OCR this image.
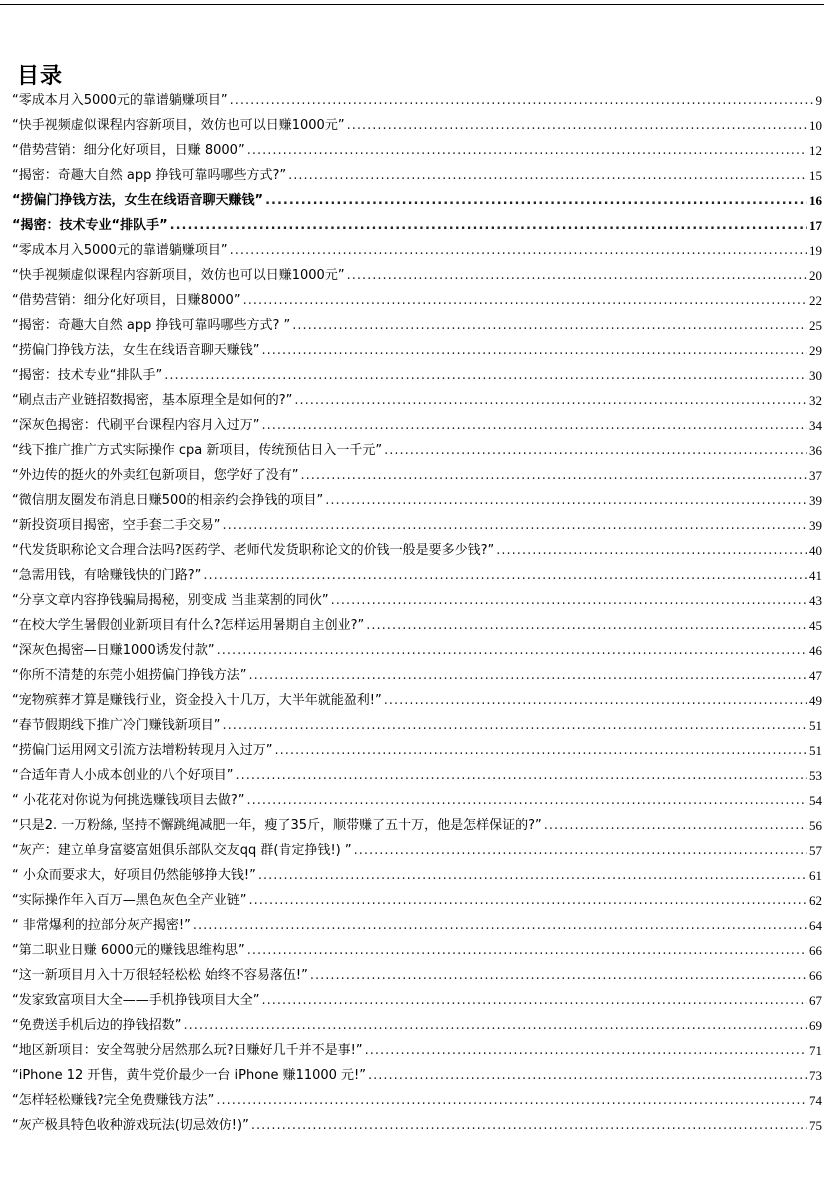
目录
“零成本月入5000元的靠谱躺赚项目” .....	9
“快手视频虚似课程内容新项目，效仿也可以日赚1000元” .....	10
“借势营销：细分化好项目，日赚 8000” .....	12
“揭密：奇趣大自然 app 挣钱可靠吗哪些方式?” .....	15
“捞偏门挣钱方法，女生在线语音聊天赚钱” .....	16
“揭密：技术专业“排队手” .....	17
“零成本月入5000元的靠谱躺赚项目” .....	19
“快手视频虚似课程内容新项目，效仿也可以日赚1000元” .....	20
“借势营销：细分化好项目，日赚8000” .....	22
“揭密：奇趣大自然 app 挣钱可靠吗哪些方式? ” .....	25
“捞偏门挣钱方法，女生在线语音聊天赚钱” .....	29
“揭密：技术专业“排队手” .....	30
“刷点击产业链招数揭密，基本原理全是如何的?” .....	32
“深灰色揭密：代刷平台课程内容月入过万” .....	34
“线下推广推广方式实际操作 cpa 新项目，传统预估日入一千元” .....	36
“外边传的挺火的外卖红包新项目，您学好了没有” .....	37
“微信朋友圈发布消息日赚500的相亲约会挣钱的项目” .....	39
“新投资项目揭密，空手套二手交易” .....	39
“代发货职称论文合理合法吗?医药学、老师代发货职称论文的价钱一般是要多少钱?” .....	40
“急需用钱，有啥赚钱快的门路?” .....	41
“分享文章内容挣钱骗局揭秘，别变成 当韭菜割的同伙” .....	43
“在校大学生暑假创业新项目有什么?怎样运用暑期自主创业?” .....	45
“深灰色揭密—日赚1000诱发付款” .....	46
“你所不清楚的东莞小姐捞偏门挣钱方法” .....	47
“宠物殡葬才算是赚钱行业，资金投入十几万，大半年就能盈利!” .....	49
“春节假期线下推广冷门赚钱新项目” .....	51
“捞偏门运用网文引流方法增粉转现月入过万” .....	51
“合适年青人小成本创业的八个好项目” .....	53
“ 小花花对你说为何挑选赚钱项目去做?” .....	54
“只是2. 一万粉絲, 坚持不懈跳绳减肥一年，瘦了35斤，顺带赚了五十万，他是怎样保证的?” .....	56
“灰产：建立单身富婆富姐俱乐部队交友qq 群(肯定挣钱!) ” .....	57
“ 小众而要求大，好项目仍然能够挣大钱!” .....	61
“实际操作年入百万—黑色灰色全产业链” .....	62
“ 非常爆利的拉部分灰产揭密!” .....	64
“第二职业日赚 6000元的赚钱思维构思” .....	66
“这一新项目月入十万很轻轻松松 始终不容易落伍!” .....	66
“发家致富项目大全——手机挣钱项目大全” .....	67
“免费送手机后边的挣钱招数” .....	69
“地区新项目：安全驾驶分居然那么玩?日赚好几千并不是事!” .....	71
“iPhone 12 开售，黄牛党价最少一台 iPhone 赚11000 元!” .....	73
“怎样轻松赚钱?完全免费赚钱方法” .....	74
“灰产极具特色收种游戏玩法(切忌效仿!)” .....	75
